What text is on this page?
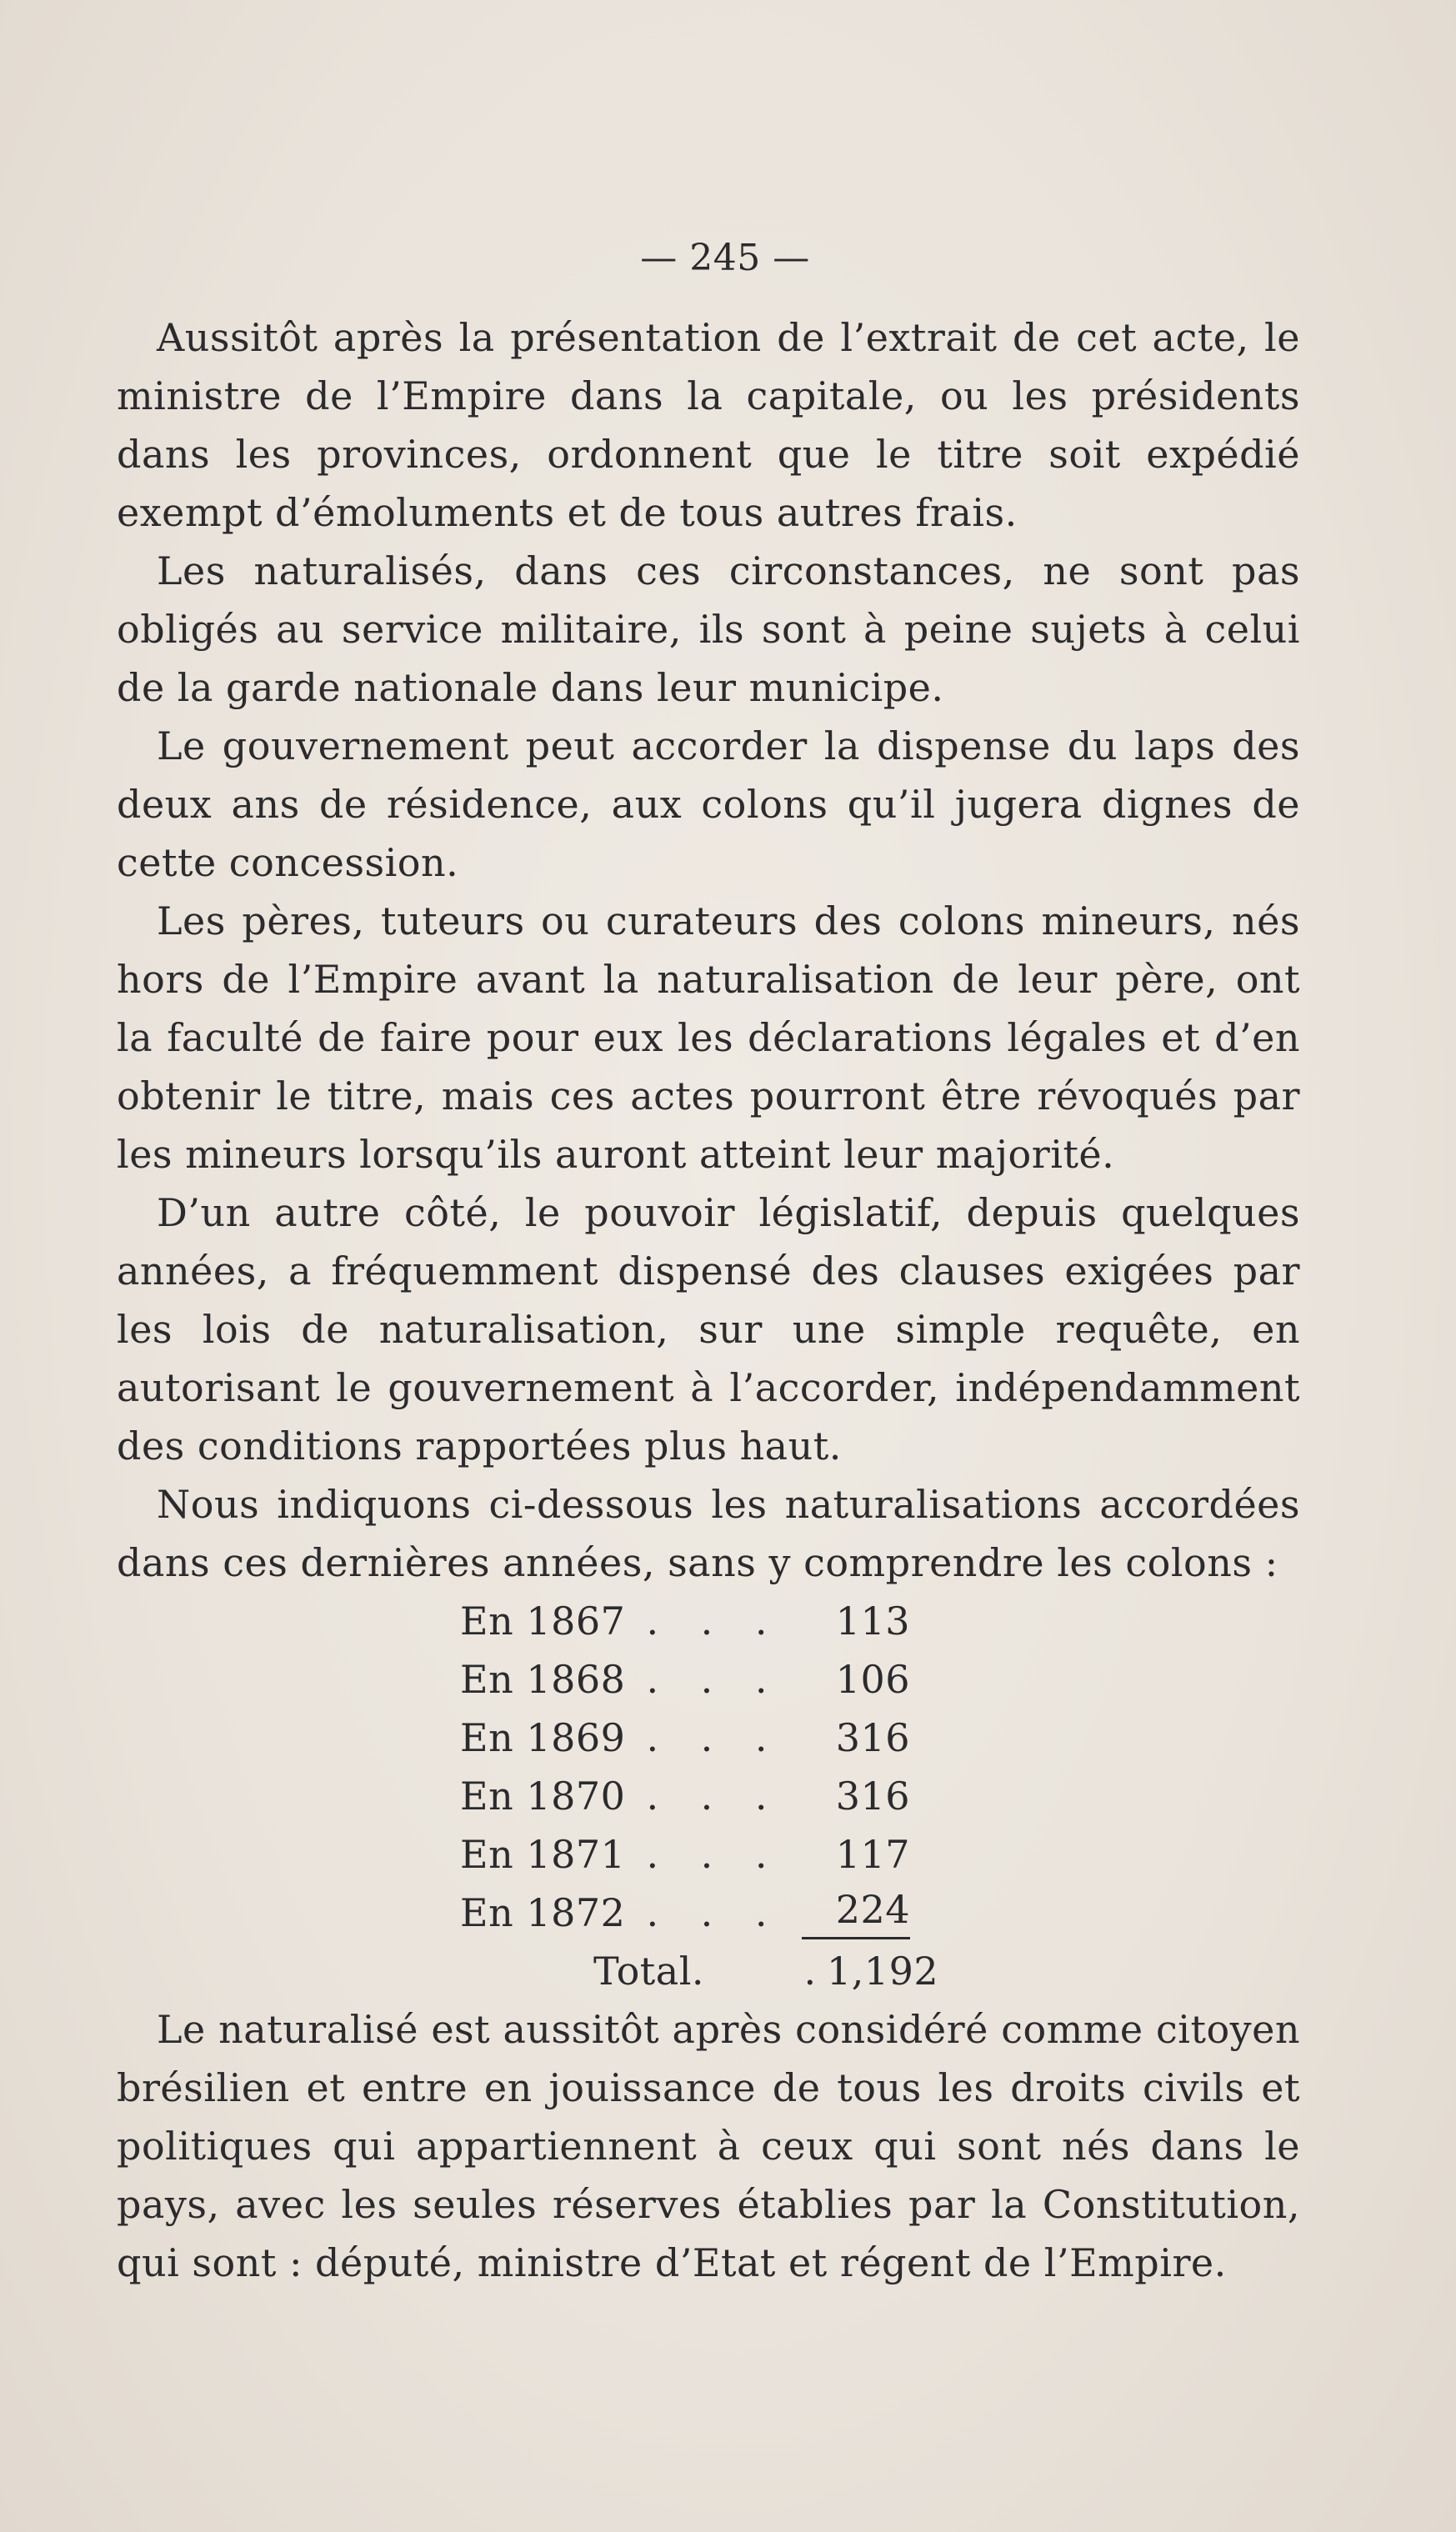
— 245 —

Aussitôt après la présentation de l’extrait de cet acte, le ministre de l’Empire dans la capitale, ou les présidents dans les provinces, ordonnent que le titre soit expédié exempt d’émoluments et de tous autres frais.

Les naturalisés, dans ces circonstances, ne sont pas obligés au service militaire, ils sont à peine sujets à celui de la garde nationale dans leur municipe.

Le gouvernement peut accorder la dispense du laps des deux ans de résidence, aux colons qu’il jugera dignes de cette concession.

Les pères, tuteurs ou curateurs des colons mineurs, nés hors de l’Empire avant la naturalisation de leur père, ont la faculté de faire pour eux les déclarations légales et d’en obtenir le titre, mais ces actes pourront être révoqués par les mineurs lorsqu’ils auront atteint leur majorité.

D’un autre côté, le pouvoir législatif, depuis quelques années, a fréquemment dispensé des clauses exigées par les lois de naturalisation, sur une simple requête, en autorisant le gouvernement à l’accorder, indépendamment des conditions rapportées plus haut.

Nous indiquons ci-dessous les naturalisations accordées dans ces dernières années, sans y comprendre les colons :

En 1867 . . .	113
En 1868 . . .	106
En 1869 . . .	316
En 1870 . . .	316
En 1871 . . .	117
En 1872 . . .	224
Total.	. 1,192

Le naturalisé est aussitôt après considéré comme citoyen brésilien et entre en jouissance de tous les droits civils et politiques qui appartiennent à ceux qui sont nés dans le pays, avec les seules réserves établies par la Constitution, qui sont : député, ministre d’Etat et régent de l’Empire.
